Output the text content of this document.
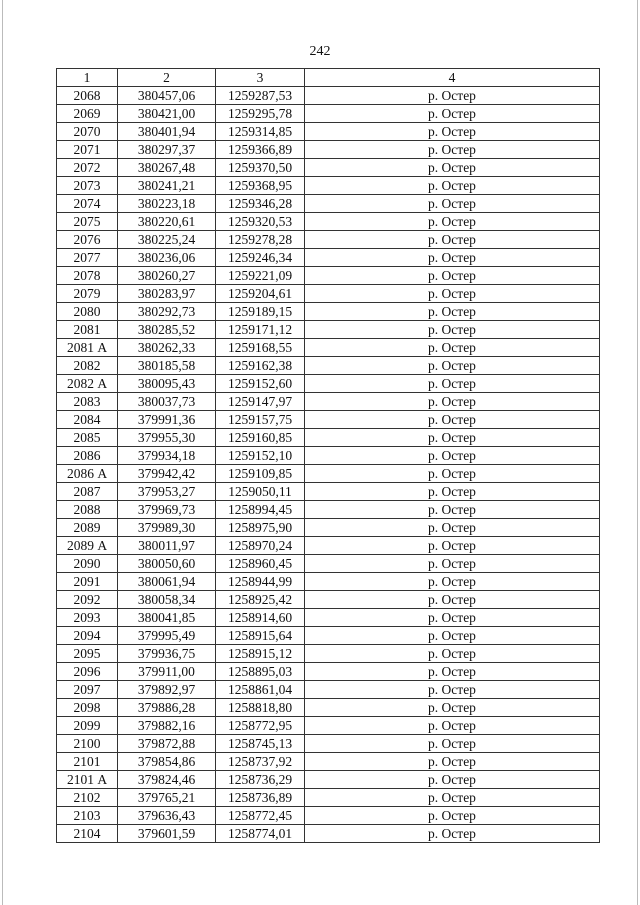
242
1	2	3	4
2068	380457,06	1259287,53	р. Остер
2069	380421,00	1259295,78	р. Остер
2070	380401,94	1259314,85	р. Остер
2071	380297,37	1259366,89	р. Остер
2072	380267,48	1259370,50	р. Остер
2073	380241,21	1259368,95	р. Остер
2074	380223,18	1259346,28	р. Остер
2075	380220,61	1259320,53	р. Остер
2076	380225,24	1259278,28	р. Остер
2077	380236,06	1259246,34	р. Остер
2078	380260,27	1259221,09	р. Остер
2079	380283,97	1259204,61	р. Остер
2080	380292,73	1259189,15	р. Остер
2081	380285,52	1259171,12	р. Остер
2081 А	380262,33	1259168,55	р. Остер
2082	380185,58	1259162,38	р. Остер
2082 А	380095,43	1259152,60	р. Остер
2083	380037,73	1259147,97	р. Остер
2084	379991,36	1259157,75	р. Остер
2085	379955,30	1259160,85	р. Остер
2086	379934,18	1259152,10	р. Остер
2086 А	379942,42	1259109,85	р. Остер
2087	379953,27	1259050,11	р. Остер
2088	379969,73	1258994,45	р. Остер
2089	379989,30	1258975,90	р. Остер
2089 А	380011,97	1258970,24	р. Остер
2090	380050,60	1258960,45	р. Остер
2091	380061,94	1258944,99	р. Остер
2092	380058,34	1258925,42	р. Остер
2093	380041,85	1258914,60	р. Остер
2094	379995,49	1258915,64	р. Остер
2095	379936,75	1258915,12	р. Остер
2096	379911,00	1258895,03	р. Остер
2097	379892,97	1258861,04	р. Остер
2098	379886,28	1258818,80	р. Остер
2099	379882,16	1258772,95	р. Остер
2100	379872,88	1258745,13	р. Остер
2101	379854,86	1258737,92	р. Остер
2101 А	379824,46	1258736,29	р. Остер
2102	379765,21	1258736,89	р. Остер
2103	379636,43	1258772,45	р. Остер
2104	379601,59	1258774,01	р. Остер
